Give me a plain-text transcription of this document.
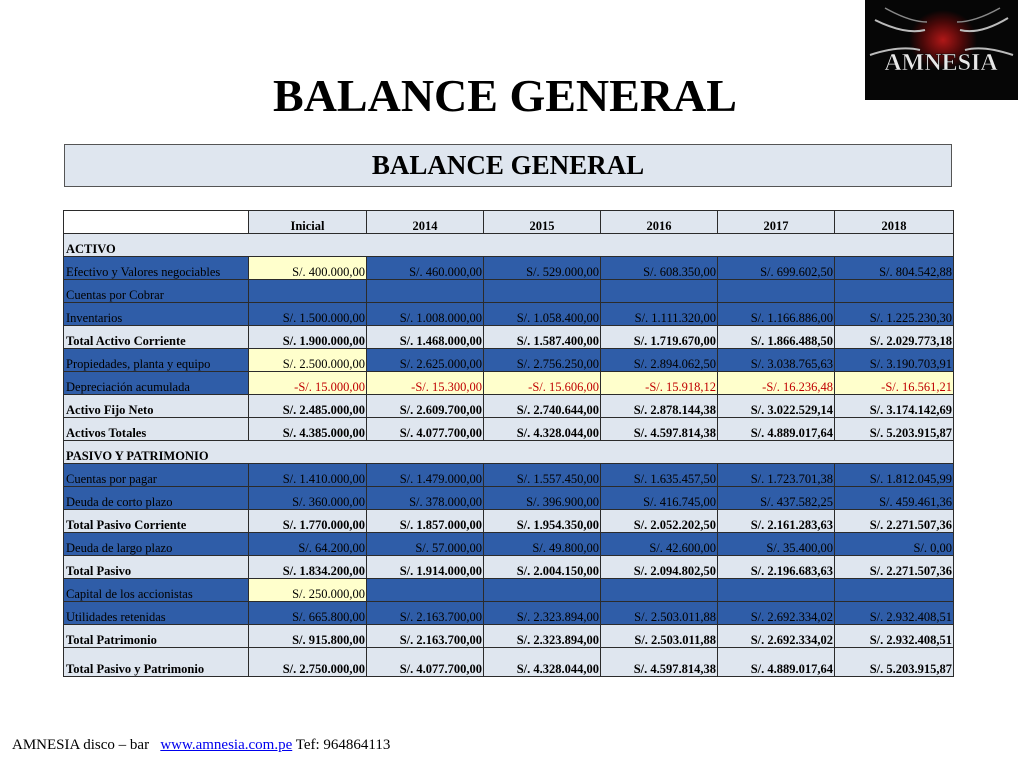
BALANCE GENERAL
AMNESIA
BALANCE GENERAL
	Inicial	2014	2015	2016	2017	2018
ACTIVO						
Efectivo y Valores negociables	S/. 400.000,00	S/. 460.000,00	S/. 529.000,00	S/. 608.350,00	S/. 699.602,50	S/. 804.542,88
Cuentas por Cobrar						
Inventarios	S/. 1.500.000,00	S/. 1.008.000,00	S/. 1.058.400,00	S/. 1.111.320,00	S/. 1.166.886,00	S/. 1.225.230,30
Total Activo Corriente	S/. 1.900.000,00	S/. 1.468.000,00	S/. 1.587.400,00	S/. 1.719.670,00	S/. 1.866.488,50	S/. 2.029.773,18
Propiedades, planta y equipo	S/. 2.500.000,00	S/. 2.625.000,00	S/. 2.756.250,00	S/. 2.894.062,50	S/. 3.038.765,63	S/. 3.190.703,91
Depreciación acumulada	-S/. 15.000,00	-S/. 15.300,00	-S/. 15.606,00	-S/. 15.918,12	-S/. 16.236,48	-S/. 16.561,21
Activo Fijo Neto	S/. 2.485.000,00	S/. 2.609.700,00	S/. 2.740.644,00	S/. 2.878.144,38	S/. 3.022.529,14	S/. 3.174.142,69
Activos Totales	S/. 4.385.000,00	S/. 4.077.700,00	S/. 4.328.044,00	S/. 4.597.814,38	S/. 4.889.017,64	S/. 5.203.915,87
PASIVO Y PATRIMONIO						
Cuentas por pagar	S/. 1.410.000,00	S/. 1.479.000,00	S/. 1.557.450,00	S/. 1.635.457,50	S/. 1.723.701,38	S/. 1.812.045,99
Deuda de corto plazo	S/. 360.000,00	S/. 378.000,00	S/. 396.900,00	S/. 416.745,00	S/. 437.582,25	S/. 459.461,36
Total Pasivo Corriente	S/. 1.770.000,00	S/. 1.857.000,00	S/. 1.954.350,00	S/. 2.052.202,50	S/. 2.161.283,63	S/. 2.271.507,36
Deuda de largo plazo	S/. 64.200,00	S/. 57.000,00	S/. 49.800,00	S/. 42.600,00	S/. 35.400,00	S/. 0,00
Total Pasivo	S/. 1.834.200,00	S/. 1.914.000,00	S/. 2.004.150,00	S/. 2.094.802,50	S/. 2.196.683,63	S/. 2.271.507,36
Capital de los accionistas	S/. 250.000,00					
Utilidades retenidas	S/. 665.800,00	S/. 2.163.700,00	S/. 2.323.894,00	S/. 2.503.011,88	S/. 2.692.334,02	S/. 2.932.408,51
Total Patrimonio	S/. 915.800,00	S/. 2.163.700,00	S/. 2.323.894,00	S/. 2.503.011,88	S/. 2.692.334,02	S/. 2.932.408,51
Total Pasivo y Patrimonio	S/. 2.750.000,00	S/. 4.077.700,00	S/. 4.328.044,00	S/. 4.597.814,38	S/. 4.889.017,64	S/. 5.203.915,87
AMNESIA disco – bar www.amnesia.com.pe Tef: 964864113
